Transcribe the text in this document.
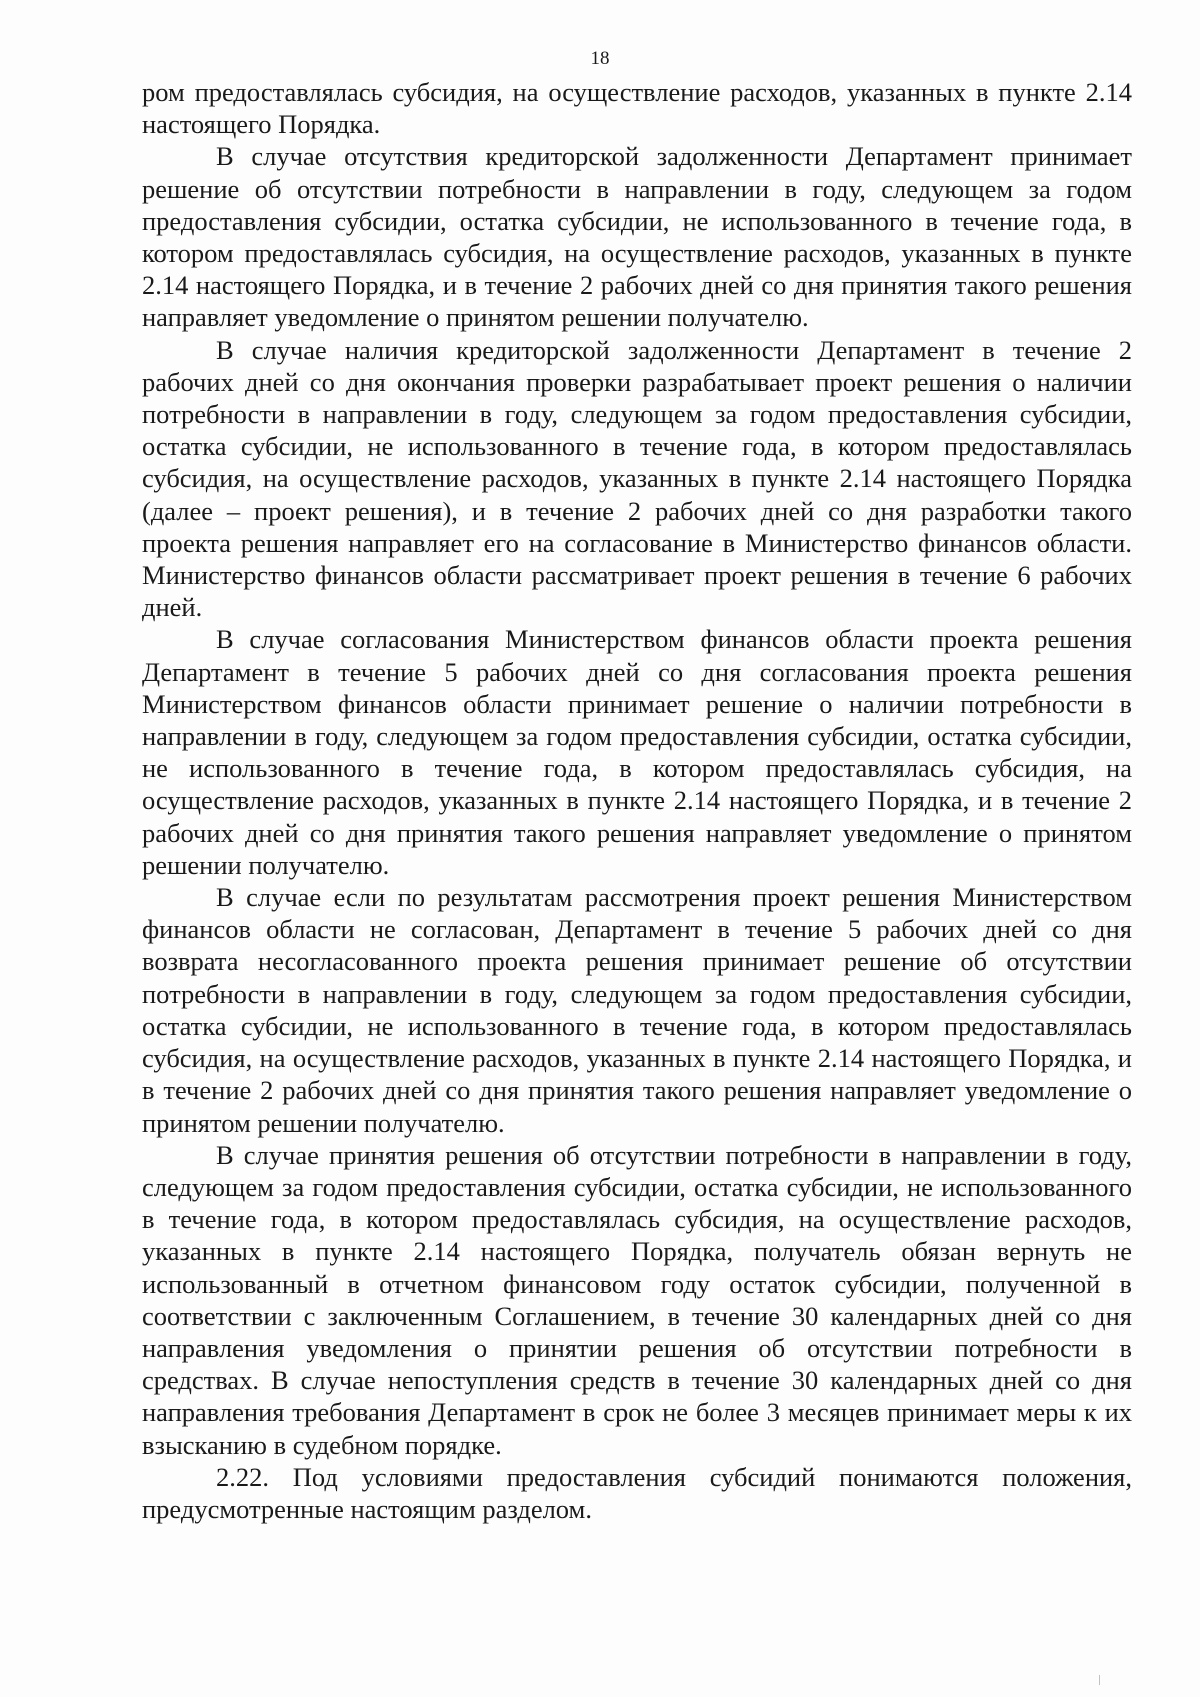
18

ром предоставлялась субсидия, на осуществление расходов, указанных в пункте 2.14 настоящего Порядка.

В случае отсутствия кредиторской задолженности Департамент принимает решение об отсутствии потребности в направлении в году, следующем за годом предоставления субсидии, остатка субсидии, не использованного в течение года, в котором предоставлялась субсидия, на осуществление расходов, указанных в пункте 2.14 настоящего Порядка, и в течение 2 рабочих дней со дня принятия такого решения направляет уведомление о принятом решении получателю.

В случае наличия кредиторской задолженности Департамент в течение 2 рабочих дней со дня окончания проверки разрабатывает проект решения о наличии потребности в направлении в году, следующем за годом предоставления субсидии, остатка субсидии, не использованного в течение года, в котором предоставлялась субсидия, на осуществление расходов, указанных в пункте 2.14 настоящего Порядка (далее – проект решения), и в течение 2 рабочих дней со дня разработки такого проекта решения направляет его на согласование в Министерство финансов области. Министерство финансов области рассматривает проект решения в течение 6 рабочих дней.

В случае согласования Министерством финансов области проекта решения Департамент в течение 5 рабочих дней со дня согласования проекта решения Министерством финансов области принимает решение о наличии потребности в направлении в году, следующем за годом предоставления субсидии, остатка субсидии, не использованного в течение года, в котором предоставлялась субсидия, на осуществление расходов, указанных в пункте 2.14 настоящего Порядка, и в течение 2 рабочих дней со дня принятия такого решения направляет уведомление о принятом решении получателю.

В случае если по результатам рассмотрения проект решения Министерством финансов области не согласован, Департамент в течение 5 рабочих дней со дня возврата несогласованного проекта решения принимает решение об отсутствии потребности в направлении в году, следующем за годом предоставления субсидии, остатка субсидии, не использованного в течение года, в котором предоставлялась субсидия, на осуществление расходов, указанных в пункте 2.14 настоящего Порядка, и в течение 2 рабочих дней со дня принятия такого решения направляет уведомление о принятом решении получателю.

В случае принятия решения об отсутствии потребности в направлении в году, следующем за годом предоставления субсидии, остатка субсидии, не использованного в течение года, в котором предоставлялась субсидия, на осуществление расходов, указанных в пункте 2.14 настоящего Порядка, получатель обязан вернуть не использованный в отчетном финансовом году остаток субсидии, полученной в соответствии с заключенным Соглашением, в течение 30 календарных дней со дня направления уведомления о принятии решения об отсутствии потребности в средствах. В случае непоступления средств в течение 30 календарных дней со дня направления требования Департамент в срок не более 3 месяцев принимает меры к их взысканию в судебном порядке.

2.22. Под условиями предоставления субсидий понимаются положения, предусмотренные настоящим разделом.
